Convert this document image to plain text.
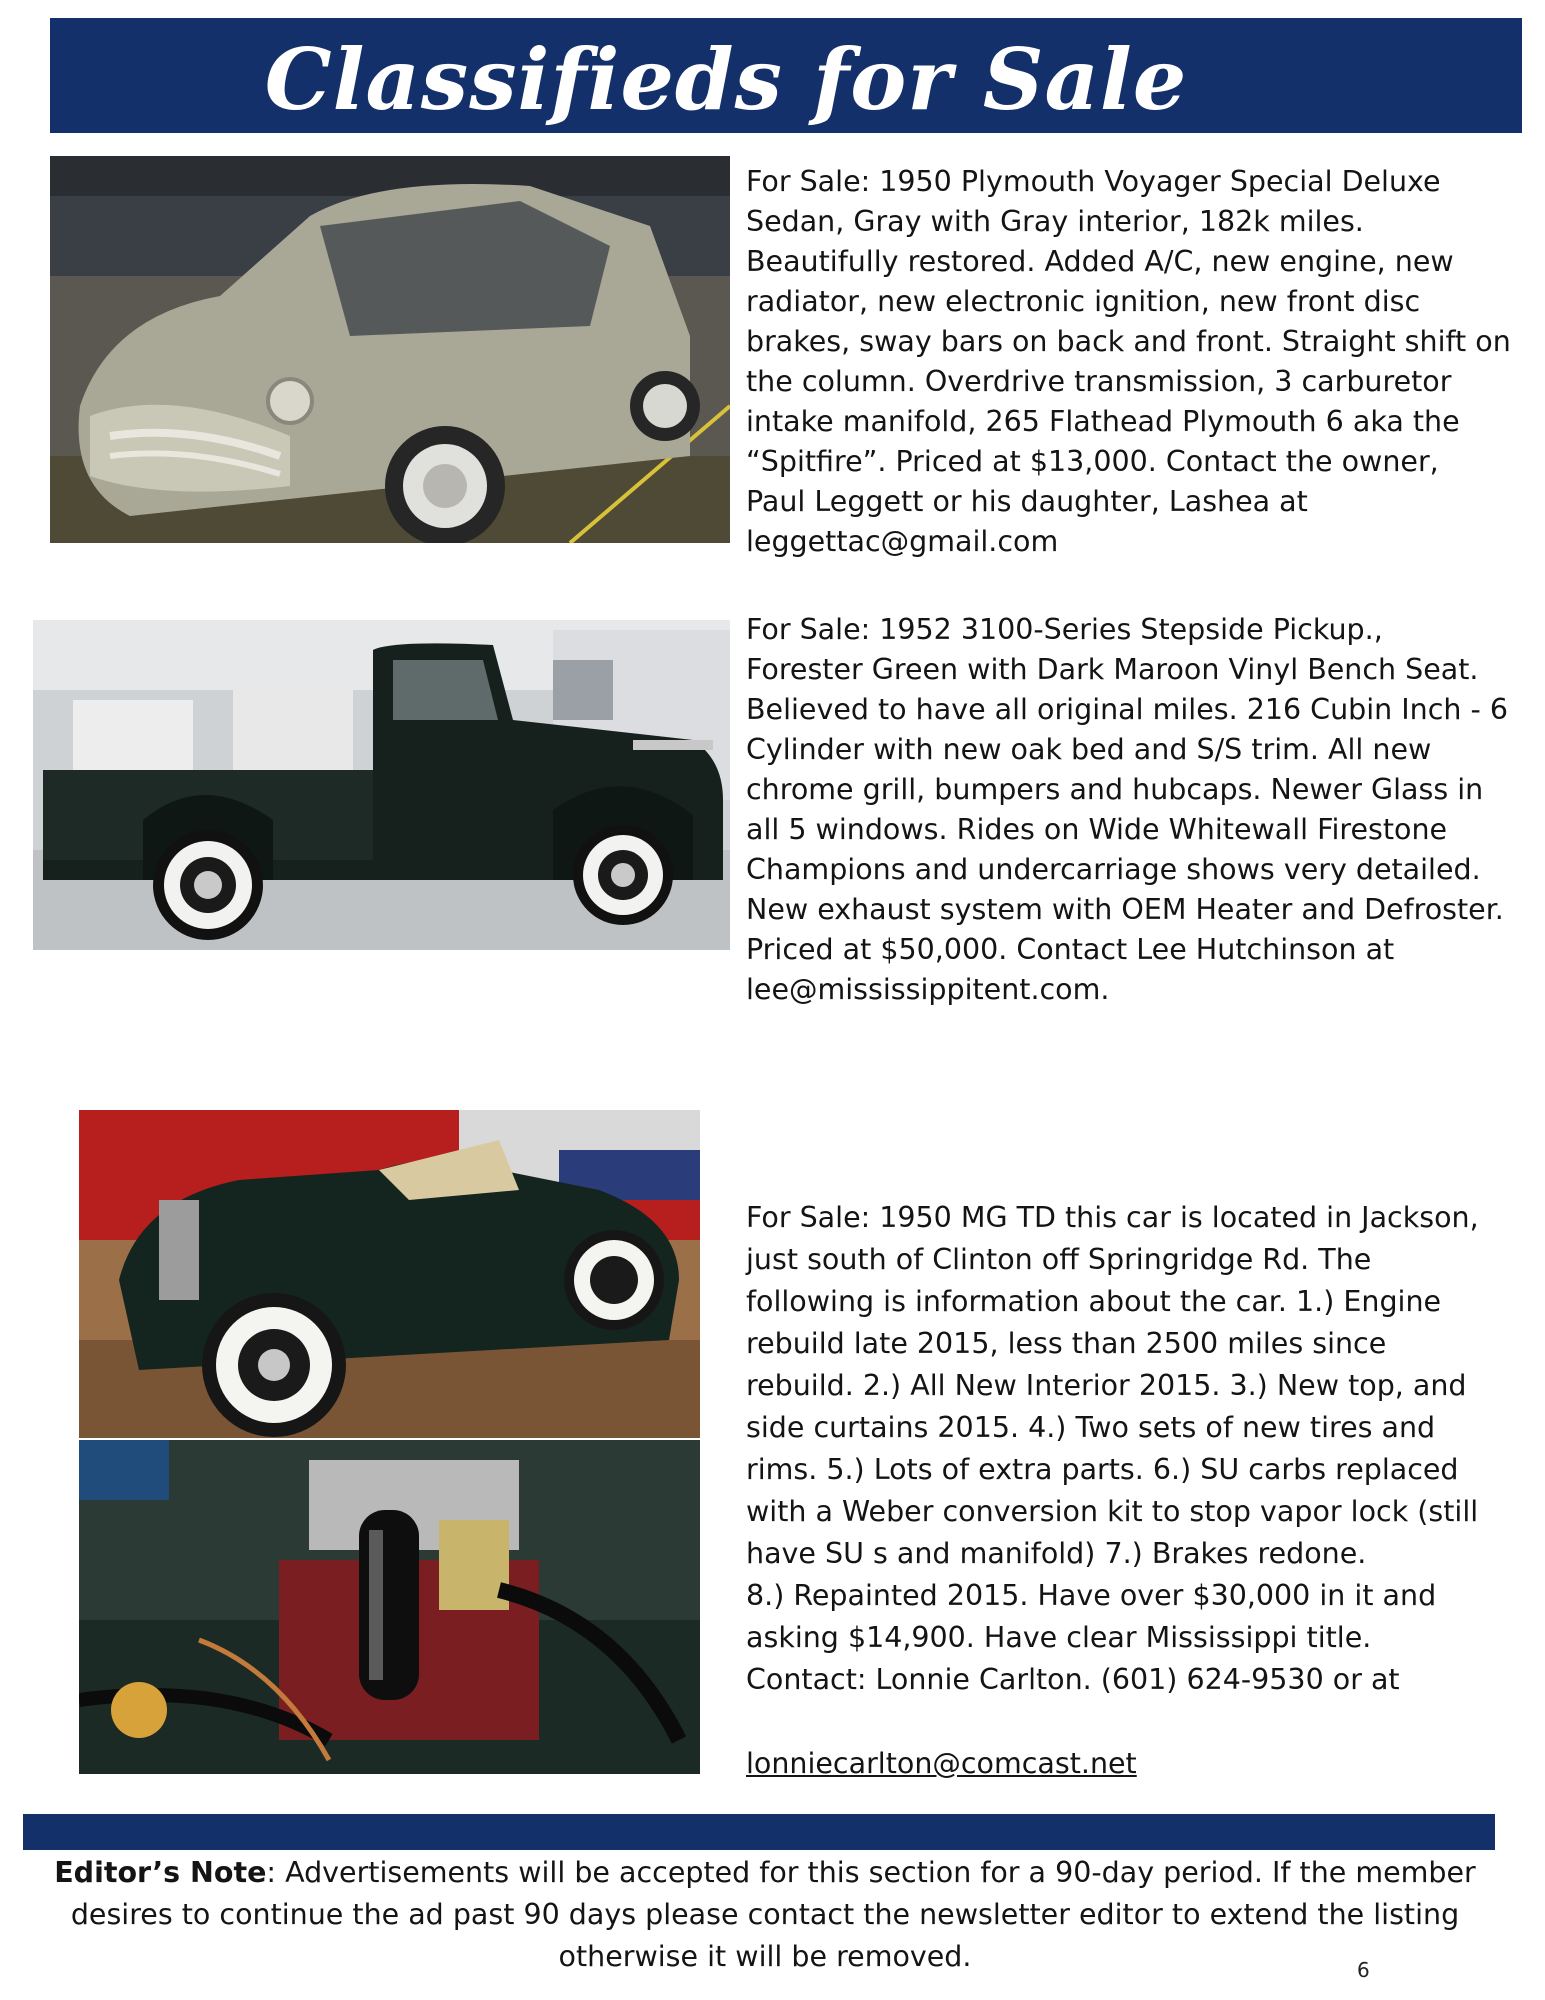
Classifieds for Sale
For Sale: 1950 Plymouth Voyager Special Deluxe
Sedan, Gray with Gray interior, 182k miles.
Beautifully restored. Added A/C, new engine, new
radiator, new electronic ignition, new front disc
brakes, sway bars on back and front. Straight shift on
the column. Overdrive transmission, 3 carburetor
intake manifold, 265 Flathead Plymouth 6 aka the
“Spitfire”. Priced at $13,000. Contact the owner,
Paul Leggett or his daughter, Lashea at
leggettac@gmail.com
For Sale: 1952 3100-Series Stepside Pickup.,
Forester Green with Dark Maroon Vinyl Bench Seat.
Believed to have all original miles. 216 Cubin Inch - 6
Cylinder with new oak bed and S/S trim. All new
chrome grill, bumpers and hubcaps. Newer Glass in
all 5 windows. Rides on Wide Whitewall Firestone
Champions and undercarriage shows very detailed.
New exhaust system with OEM Heater and Defroster.
Priced at $50,000. Contact Lee Hutchinson at
lee@mississippitent.com.

For Sale: 1950 MG TD this car is located in Jackson,
just south of Clinton off Springridge Rd. The
following is information about the car. 1.) Engine
rebuild late 2015, less than 2500 miles since
rebuild. 2.) All New Interior 2015. 3.) New top, and
side curtains 2015. 4.) Two sets of new tires and
rims. 5.) Lots of extra parts. 6.) SU carbs replaced
with a Weber conversion kit to stop vapor lock (still
have SU s and manifold) 7.) Brakes redone.
8.) Repainted 2015. Have over $30,000 in it and
asking $14,900. Have clear Mississippi title.
Contact: Lonnie Carlton. (601) 624-9530 or at

lonniecarlton@comcast.net

Editor’s Note: Advertisements will be accepted for this section for a 90-day period. If the member desires to continue the ad past 90 days please contact the newsletter editor to extend the listing otherwise it will be removed.	6
